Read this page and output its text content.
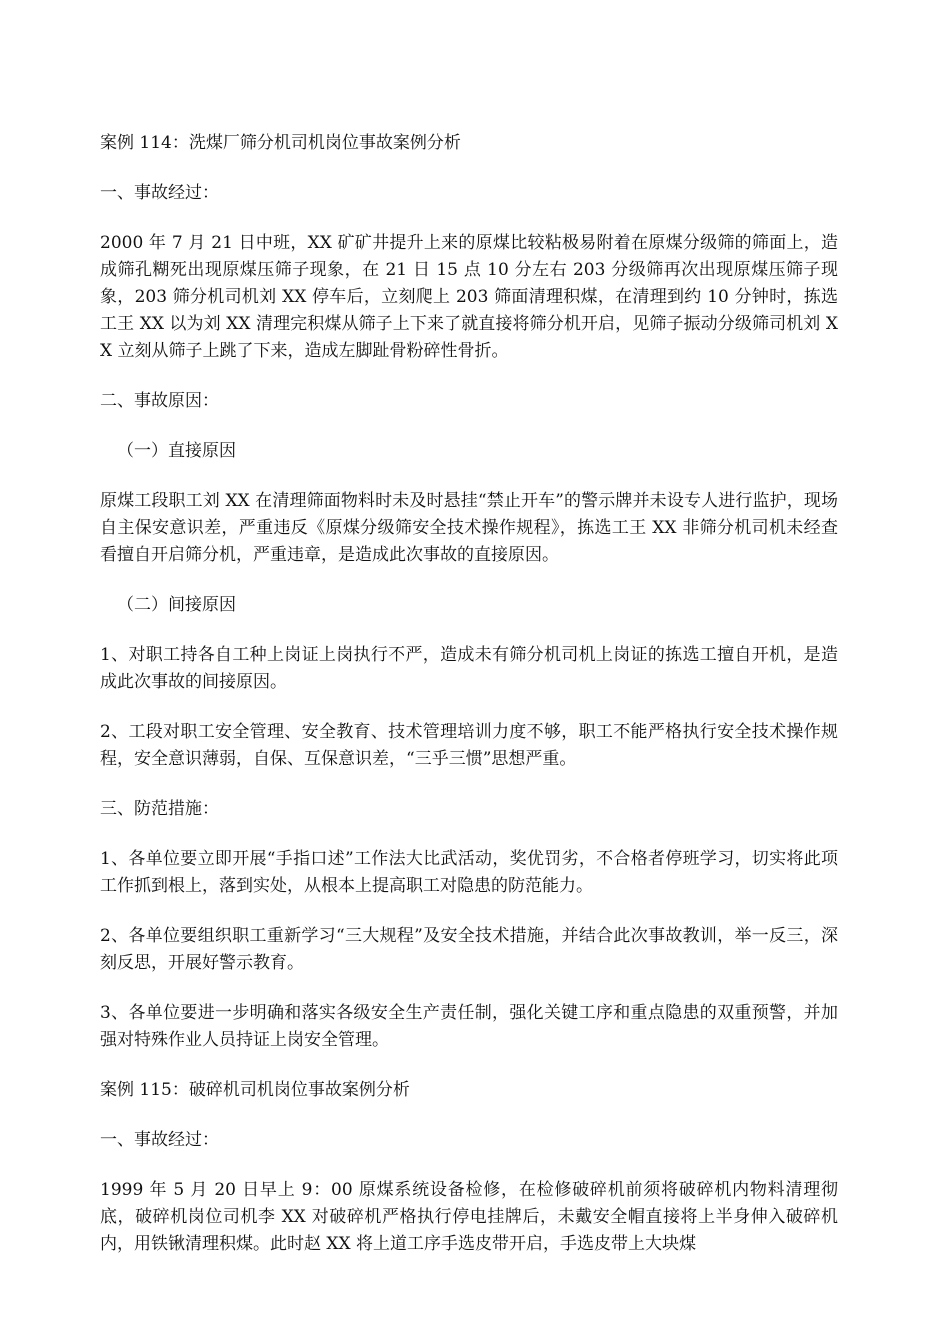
案例 114：洗煤厂筛分机司机岗位事故案例分析
一、事故经过：
2000 年 7 月 21 日中班，XX 矿矿井提升上来的原煤比较粘极易附着在原煤分级筛的筛面上，造成筛孔糊死出现原煤压筛子现象，在 21 日 15 点 10 分左右 203 分级筛再次出现原煤压筛子现象，203 筛分机司机刘 XX 停车后，立刻爬上 203 筛面清理积煤，在清理到约 10 分钟时，拣选工王 XX 以为刘 XX 清理完积煤从筛子上下来了就直接将筛分机开启，见筛子振动分级筛司机刘 XX 立刻从筛子上跳了下来，造成左脚趾骨粉碎性骨折。
二、事故原因：
（一）直接原因
原煤工段职工刘 XX 在清理筛面物料时未及时悬挂“禁止开车”的警示牌并未设专人进行监护，现场自主保安意识差，严重违反《原煤分级筛安全技术操作规程》，拣选工王 XX 非筛分机司机未经查看擅自开启筛分机，严重违章，是造成此次事故的直接原因。
（二）间接原因
1、对职工持各自工种上岗证上岗执行不严，造成未有筛分机司机上岗证的拣选工擅自开机，是造成此次事故的间接原因。
2、工段对职工安全管理、安全教育、技术管理培训力度不够，职工不能严格执行安全技术操作规程，安全意识薄弱，自保、互保意识差，“三乎三惯”思想严重。
三、防范措施：
1、各单位要立即开展“手指口述”工作法大比武活动，奖优罚劣，不合格者停班学习，切实将此项工作抓到根上，落到实处，从根本上提高职工对隐患的防范能力。
2、各单位要组织职工重新学习“三大规程”及安全技术措施，并结合此次事故教训，举一反三，深刻反思，开展好警示教育。
3、各单位要进一步明确和落实各级安全生产责任制，强化关键工序和重点隐患的双重预警，并加强对特殊作业人员持证上岗安全管理。
案例 115：破碎机司机岗位事故案例分析
一、事故经过：
1999 年 5 月 20 日早上 9：00 原煤系统设备检修，在检修破碎机前须将破碎机内物料清理彻底，破碎机岗位司机李 XX 对破碎机严格执行停电挂牌后，未戴安全帽直接将上半身伸入破碎机内，用铁锹清理积煤。此时赵 XX 将上道工序手选皮带开启，手选皮带上大块煤
